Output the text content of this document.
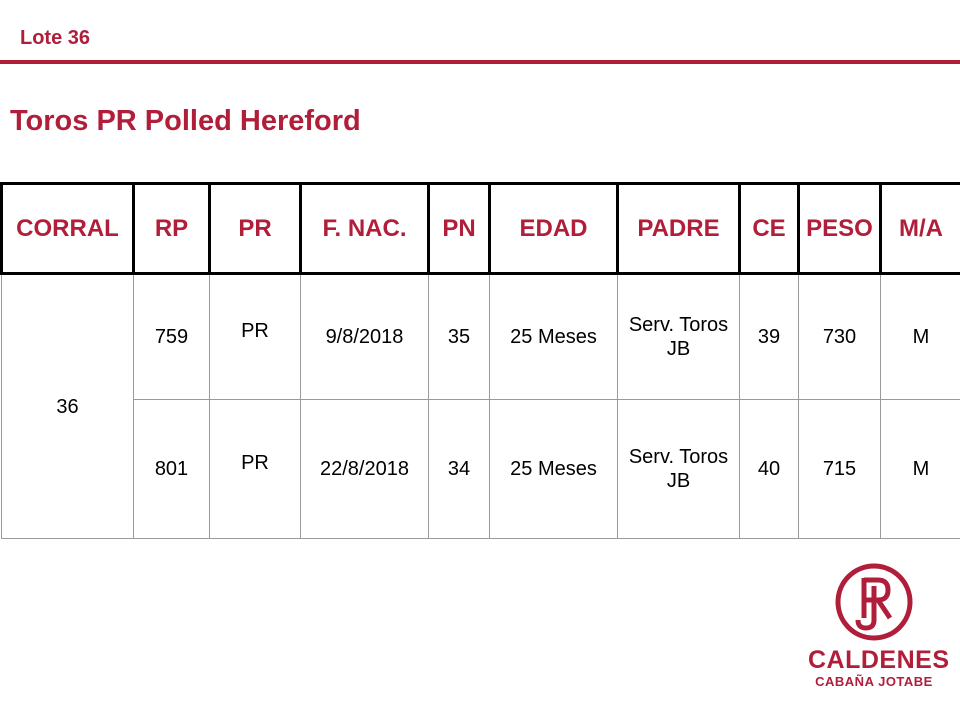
Lote 36
Toros PR Polled Hereford
CORRAL	RP	PR	F. NAC.	PN	EDAD	PADRE	CE	PESO	M/A
36	759	PR	9/8/2018	35	25 Meses	Serv. Toros JB	39	730	M
	801	PR	22/8/2018	34	25 Meses	Serv. Toros JB	40	715	M
CALDENES
CABAÑA JOTABE
